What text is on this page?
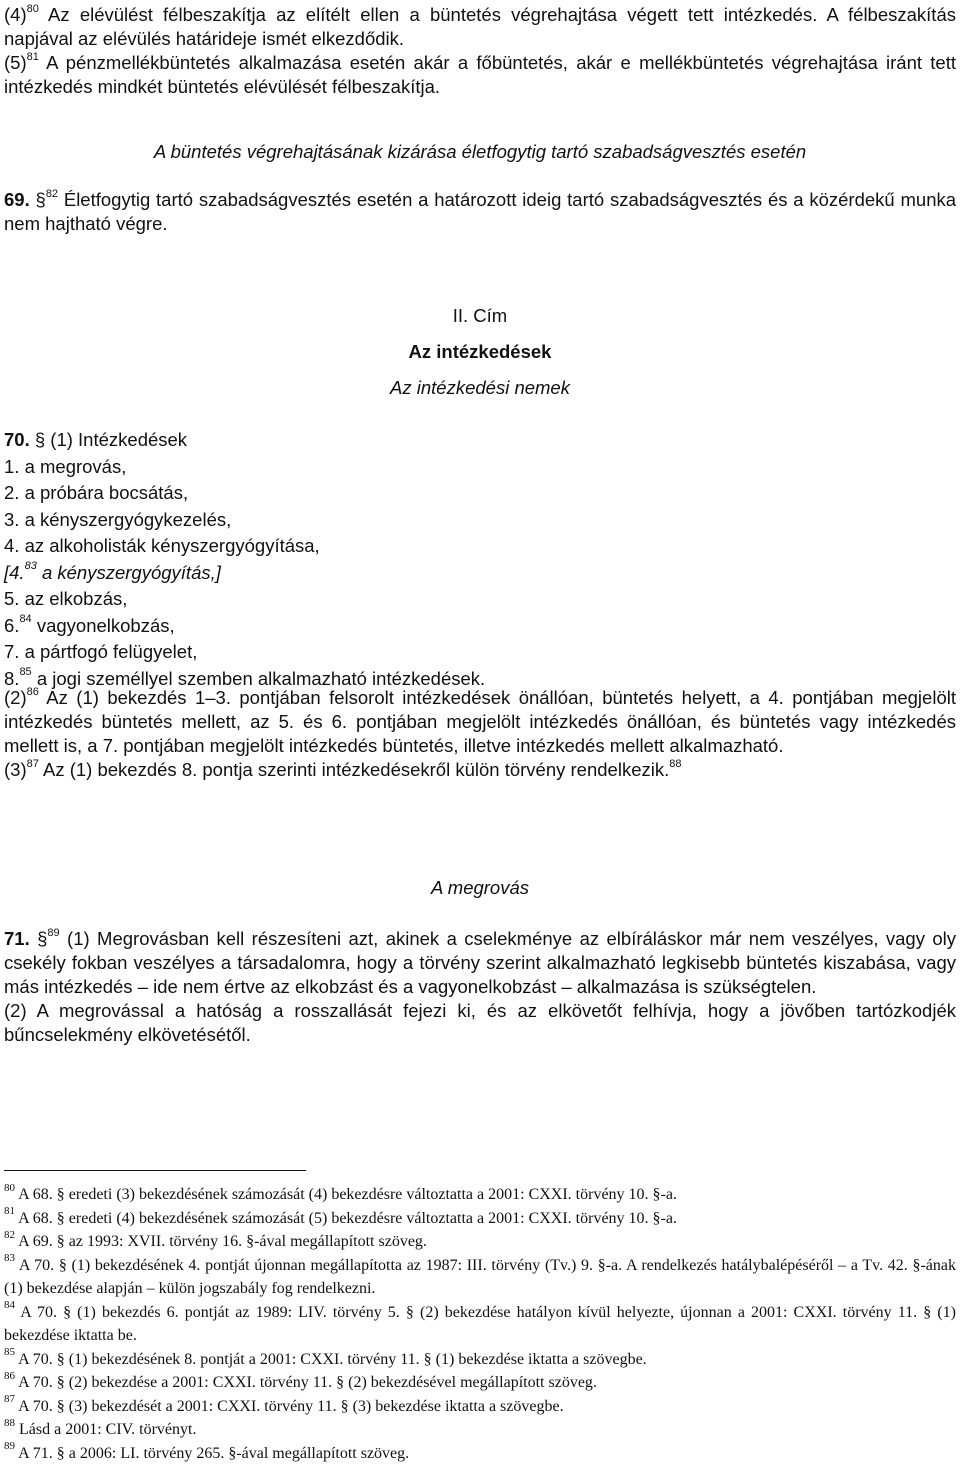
$(4)^{80}$ Az elévülést félbeszakítja az elítélt ellen a büntetés végrehajtása végett tett intézkedés. A félbeszakítás napjával az elévülés határideje ismét elkezdődik.

$(5)^{81}$ A pénzmellékbüntetés alkalmazása esetén akár a főbüntetés, akár e mellékbüntetés végrehajtása iránt tett intézkedés mindkét büntetés elévülését félbeszakítja.

A büntetés végrehajtásának kizárása életfogytig tartó szabadságvesztés esetén

69. §$^{82}$ Életfogytig tartó szabadságvesztés esetén a határozott ideig tartó szabadságvesztés és a közérdekű munka nem hajtható végre.

II. Cím

Az intézkedések

Az intézkedési nemek

70. § (1) Intézkedések

1. a megrovás,

2. a próbára bocsátás,

3. a kényszergyógykezelés,

4. az alkoholisták kényszergyógyítása,

[4.83 a kényszergyógyítás,]

5. az elkobzás,

6.84 vagyonelkobzás,

7. a pártfogó felügyelet,

8.85 a jogi személlyel szemben alkalmazható intézkedések.

$(2)^{86}$ Az (1) bekezdés 1–3. pontjában felsorolt intézkedések önállóan, büntetés helyett, a 4. pontjában megjelölt intézkedés büntetés mellett, az 5. és 6. pontjában megjelölt intézkedés önállóan, és büntetés vagy intézkedés mellett is, a 7. pontjában megjelölt intézkedés büntetés, illetve intézkedés mellett alkalmazható.

$(3)^{87}$ Az (1) bekezdés 8. pontja szerinti intézkedésekről külön törvény rendelkezik.$^{88}$

A megrovás

71. §$^{89}$ (1) Megrovásban kell részesíteni azt, akinek a cselekménye az elbíráláskor már nem veszélyes, vagy oly csekély fokban veszélyes a társadalomra, hogy a törvény szerint alkalmazható legkisebb büntetés kiszabása, vagy más intézkedés – ide nem értve az elkobzást és a vagyonelkobzást – alkalmazása is szükségtelen.

(2) A megrovással a hatóság a rosszallását fejezi ki, és az elkövetőt felhívja, hogy a jövőben tartózkodjék bűncselekmény elkövetésétől.

$^{80}$ A 68. § eredeti (3) bekezdésének számozását (4) bekezdésre változtatta a 2001: CXXI. törvény 10. §-a.

$^{81}$ A 68. § eredeti (4) bekezdésének számozását (5) bekezdésre változtatta a 2001: CXXI. törvény 10. §-a.

$^{82}$ A 69. § az 1993: XVII. törvény 16. §-ával megállapított szöveg.

$^{83}$ A 70. § (1) bekezdésének 4. pontját újonnan megállapította az 1987: III. törvény (Tv.) 9. §-a. A rendelkezés hatálybalépéséről – a Tv. 42. §-ának (1) bekezdése alapján – külön jogszabály fog rendelkezni.

$^{84}$ A 70. § (1) bekezdés 6. pontját az 1989: LIV. törvény 5. § (2) bekezdése hatályon kívül helyezte, újonnan a 2001: CXXI. törvény 11. § (1) bekezdése iktatta be.

$^{85}$ A 70. § (1) bekezdésének 8. pontját a 2001: CXXI. törvény 11. § (1) bekezdése iktatta a szövegbe.

$^{86}$ A 70. § (2) bekezdése a 2001: CXXI. törvény 11. § (2) bekezdésével megállapított szöveg.

$^{87}$ A 70. § (3) bekezdését a 2001: CXXI. törvény 11. § (3) bekezdése iktatta a szövegbe.

$^{88}$ Lásd a 2001: CIV. törvényt.

$^{89}$ A 71. § a 2006: LI. törvény 265. §-ával megállapított szöveg.
